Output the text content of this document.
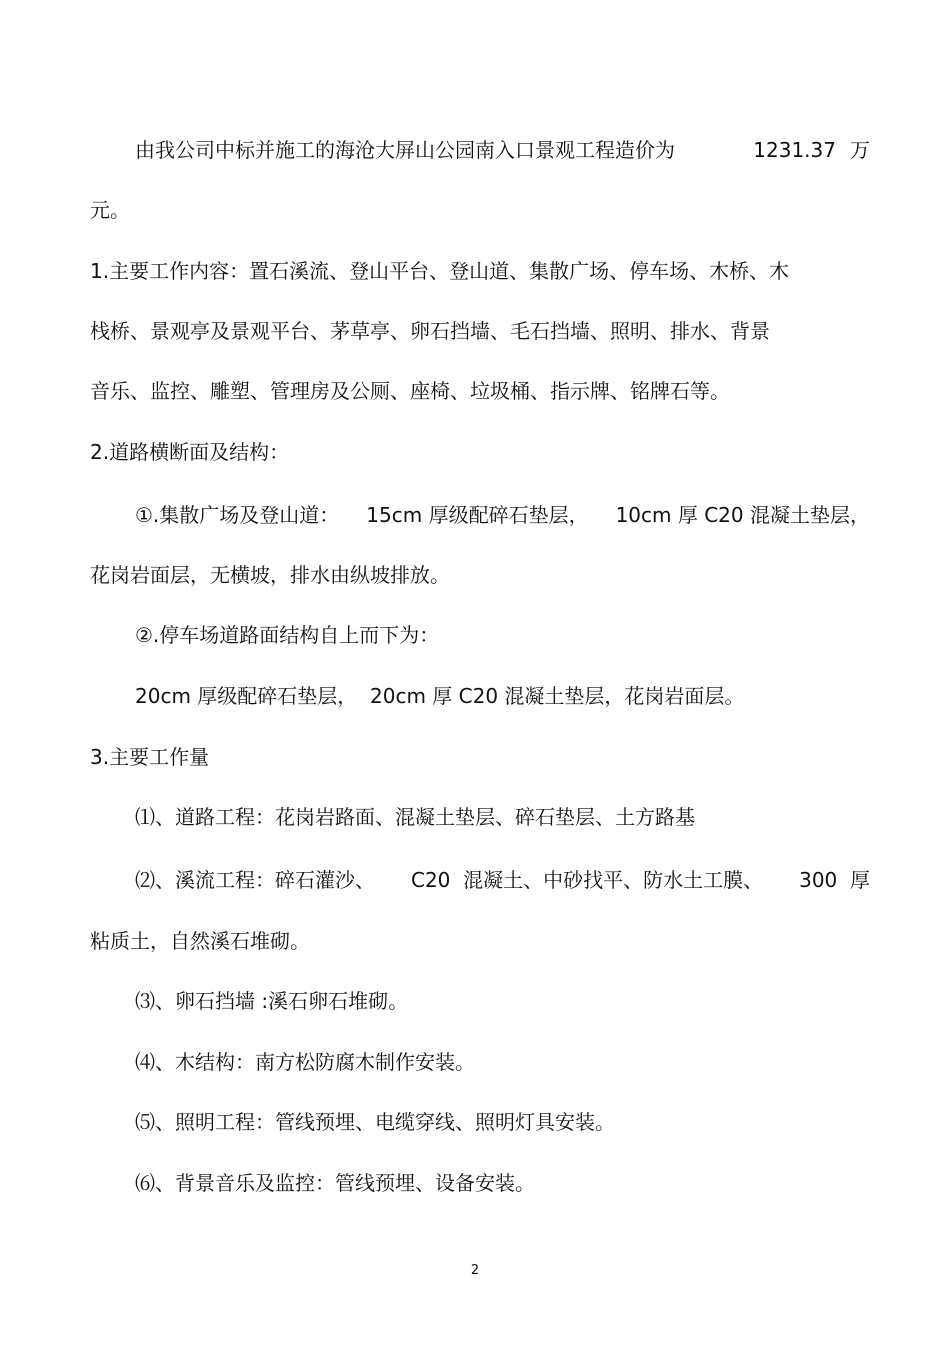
由我公司中标并施工的海沧大屏山公园南入口景观工程造价为	1231.37 万
元。
1.主要工作内容：置石溪流、登山平台、登山道、集散广场、停车场、木桥、木
栈桥、景观亭及景观平台、茅草亭、卵石挡墙、毛石挡墙、照明、排水、背景
音乐、监控、雕塑、管理房及公厕、座椅、垃圾桶、指示牌、铭牌石等。
2.道路横断面及结构：
①.集散广场及登山道： 15cm 厚级配碎石垫层， 10cm 厚 C20 混凝土垫层，
花岗岩面层，无横坡，排水由纵坡排放。
②.停车场道路面结构自上而下为：
20cm 厚级配碎石垫层，  20cm 厚 C20 混凝土垫层，花岗岩面层。
3.主要工作量
⑴、道路工程：花岗岩路面、混凝土垫层、碎石垫层、土方路基
⑵、溪流工程：碎石灌沙、 C20  混凝土、中砂找平、防水土工膜、 300  厚
粘质土，自然溪石堆砌。
⑶、卵石挡墙 :溪石卵石堆砌。
⑷、木结构：南方松防腐木制作安装。
⑸、照明工程：管线预埋、电缆穿线、照明灯具安装。
⑹、背景音乐及监控：管线预埋、设备安装。
2
